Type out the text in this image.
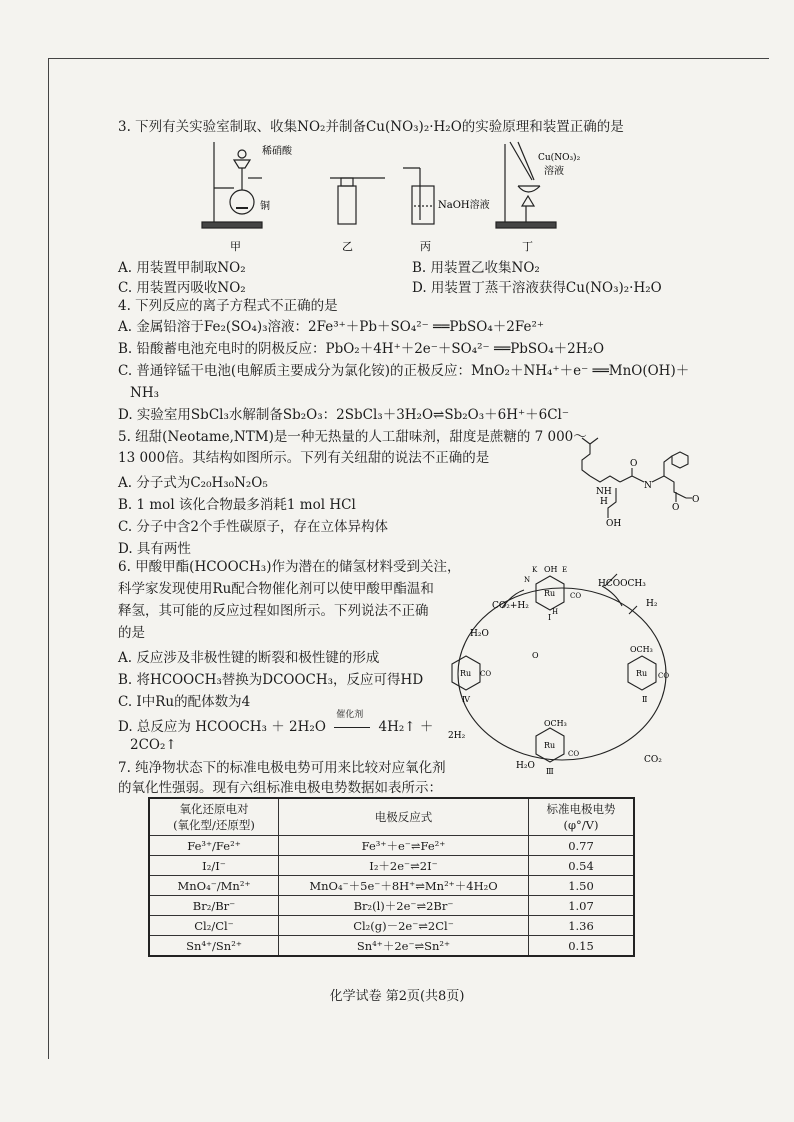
3. 下列有关实验室制取、收集NO₂并制备Cu(NO₃)₂·H₂O的实验原理和装置正确的是
稀硝酸
铜	NaOH溶液
Cu(NO₃)₂
溶液
甲	乙	丙	丁
A. 用装置甲制取NO₂	B. 用装置乙收集NO₂
C. 用装置丙吸收NO₂	D. 用装置丁蒸干溶液获得Cu(NO₃)₂·H₂O
4. 下列反应的离子方程式不正确的是
A. 金属铅溶于Fe₂(SO₄)₃溶液：2Fe³⁺＋Pb＋SO₄²⁻ ══PbSO₄＋2Fe²⁺
B. 铅酸蓄电池充电时的阴极反应：PbO₂＋4H⁺＋2e⁻＋SO₄²⁻ ══PbSO₄＋2H₂O
C. 普通锌锰干电池(电解质主要成分为氯化铵)的正极反应：MnO₂＋NH₄⁺＋e⁻ ══MnO(OH)＋
NH₃
D. 实验室用SbCl₃水解制备Sb₂O₃：2SbCl₃＋3H₂O⇌Sb₂O₃＋6H⁺＋6Cl⁻
5. 纽甜(Neotame,NTM)是一种无热量的人工甜味剂，甜度是蔗糖的 7 000～
13 000倍。其结构如图所示。下列有关纽甜的说法不正确的是
A. 分子式为C₂₀H₃₀N₂O₅
B. 1 mol 该化合物最多消耗1 mol HCl
C. 分子中含2个手性碳原子，存在立体异构体
D. 具有两性
NH
H
N
O
O
O
OH
6. 甲酸甲酯(HCOOCH₃)作为潜在的储氢材料受到关注，
科学家发现使用Ru配合物催化剂可以使甲酸甲酯温和
释氢，其可能的反应过程如图所示。下列说法不正确
的是
A. 反应涉及非极性键的断裂和极性键的形成
B. 将HCOOCH₃替换为DCOOCH₃，反应可得HD
C. Ⅰ中Ru的配体数为4
D. 总反应为 HCOOCH₃ ＋ 2H₂O
催化剂
4H₂↑ ＋
2CO₂↑
CO₂+H₂
HCOOCH₃
H₂
CO₂
H₂O
H₂O
2H₂
Ru
OH
Ⅰ
Ru
OCH₃
Ⅱ
Ru
OCH₃
Ⅲ
Ru
Ⅳ
CO
CO
CO
CO
K	E
H
O
N
7. 纯净物状态下的标准电极电势可用来比较对应氧化剂
的氧化性强弱。现有六组标准电极电势数据如表所示：
氧化还原电对
(氧化型/还原型)	电极反应式	标准电极电势
(φ°/V)
Fe³⁺/Fe²⁺	Fe³⁺＋e⁻⇌Fe²⁺	0.77
I₂/I⁻	I₂＋2e⁻⇌2I⁻	0.54
MnO₄⁻/Mn²⁺	MnO₄⁻＋5e⁻＋8H⁺⇌Mn²⁺＋4H₂O	1.50
Br₂/Br⁻	Br₂(l)＋2e⁻⇌2Br⁻	1.07
Cl₂/Cl⁻	Cl₂(g)－2e⁻⇌2Cl⁻	1.36
Sn⁴⁺/Sn²⁺	Sn⁴⁺＋2e⁻⇌Sn²⁺	0.15
化学试卷 第2页(共8页)
